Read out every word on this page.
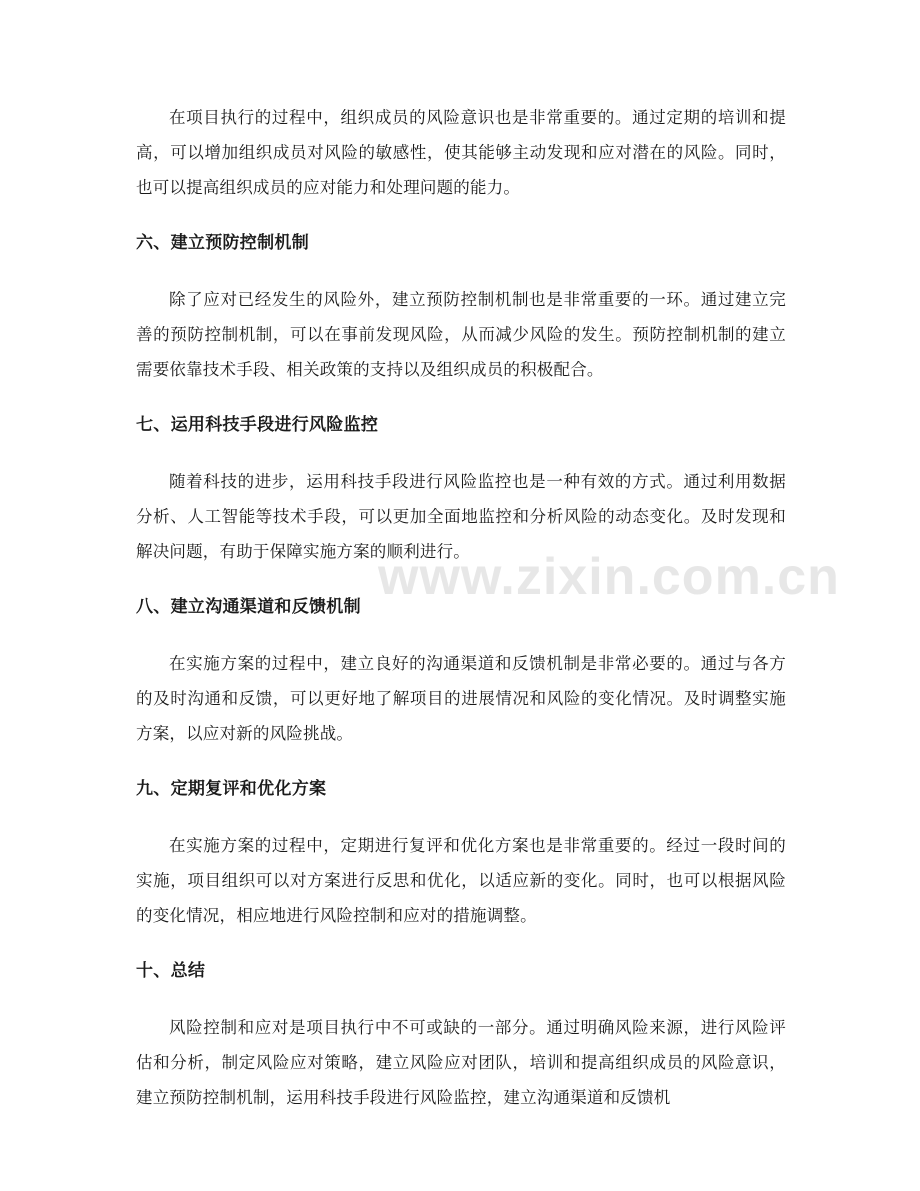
在项目执行的过程中，组织成员的风险意识也是非常重要的。通过定期的培训和提高，可以增加组织成员对风险的敏感性，使其能够主动发现和应对潜在的风险。同时，也可以提高组织成员的应对能力和处理问题的能力。

六、建立预防控制机制

除了应对已经发生的风险外，建立预防控制机制也是非常重要的一环。通过建立完善的预防控制机制，可以在事前发现风险，从而减少风险的发生。预防控制机制的建立需要依靠技术手段、相关政策的支持以及组织成员的积极配合。

七、运用科技手段进行风险监控

随着科技的进步，运用科技手段进行风险监控也是一种有效的方式。通过利用数据分析、人工智能等技术手段，可以更加全面地监控和分析风险的动态变化。及时发现和解决问题，有助于保障实施方案的顺利进行。

八、建立沟通渠道和反馈机制

在实施方案的过程中，建立良好的沟通渠道和反馈机制是非常必要的。通过与各方的及时沟通和反馈，可以更好地了解项目的进展情况和风险的变化情况。及时调整实施方案，以应对新的风险挑战。

九、定期复评和优化方案

在实施方案的过程中，定期进行复评和优化方案也是非常重要的。经过一段时间的实施，项目组织可以对方案进行反思和优化，以适应新的变化。同时，也可以根据风险的变化情况，相应地进行风险控制和应对的措施调整。

十、总结

风险控制和应对是项目执行中不可或缺的一部分。通过明确风险来源，进行风险评估和分析，制定风险应对策略，建立风险应对团队，培训和提高组织成员的风险意识，建立预防控制机制，运用科技手段进行风险监控，建立沟通渠道和反馈机

www.zixin.com.cn
